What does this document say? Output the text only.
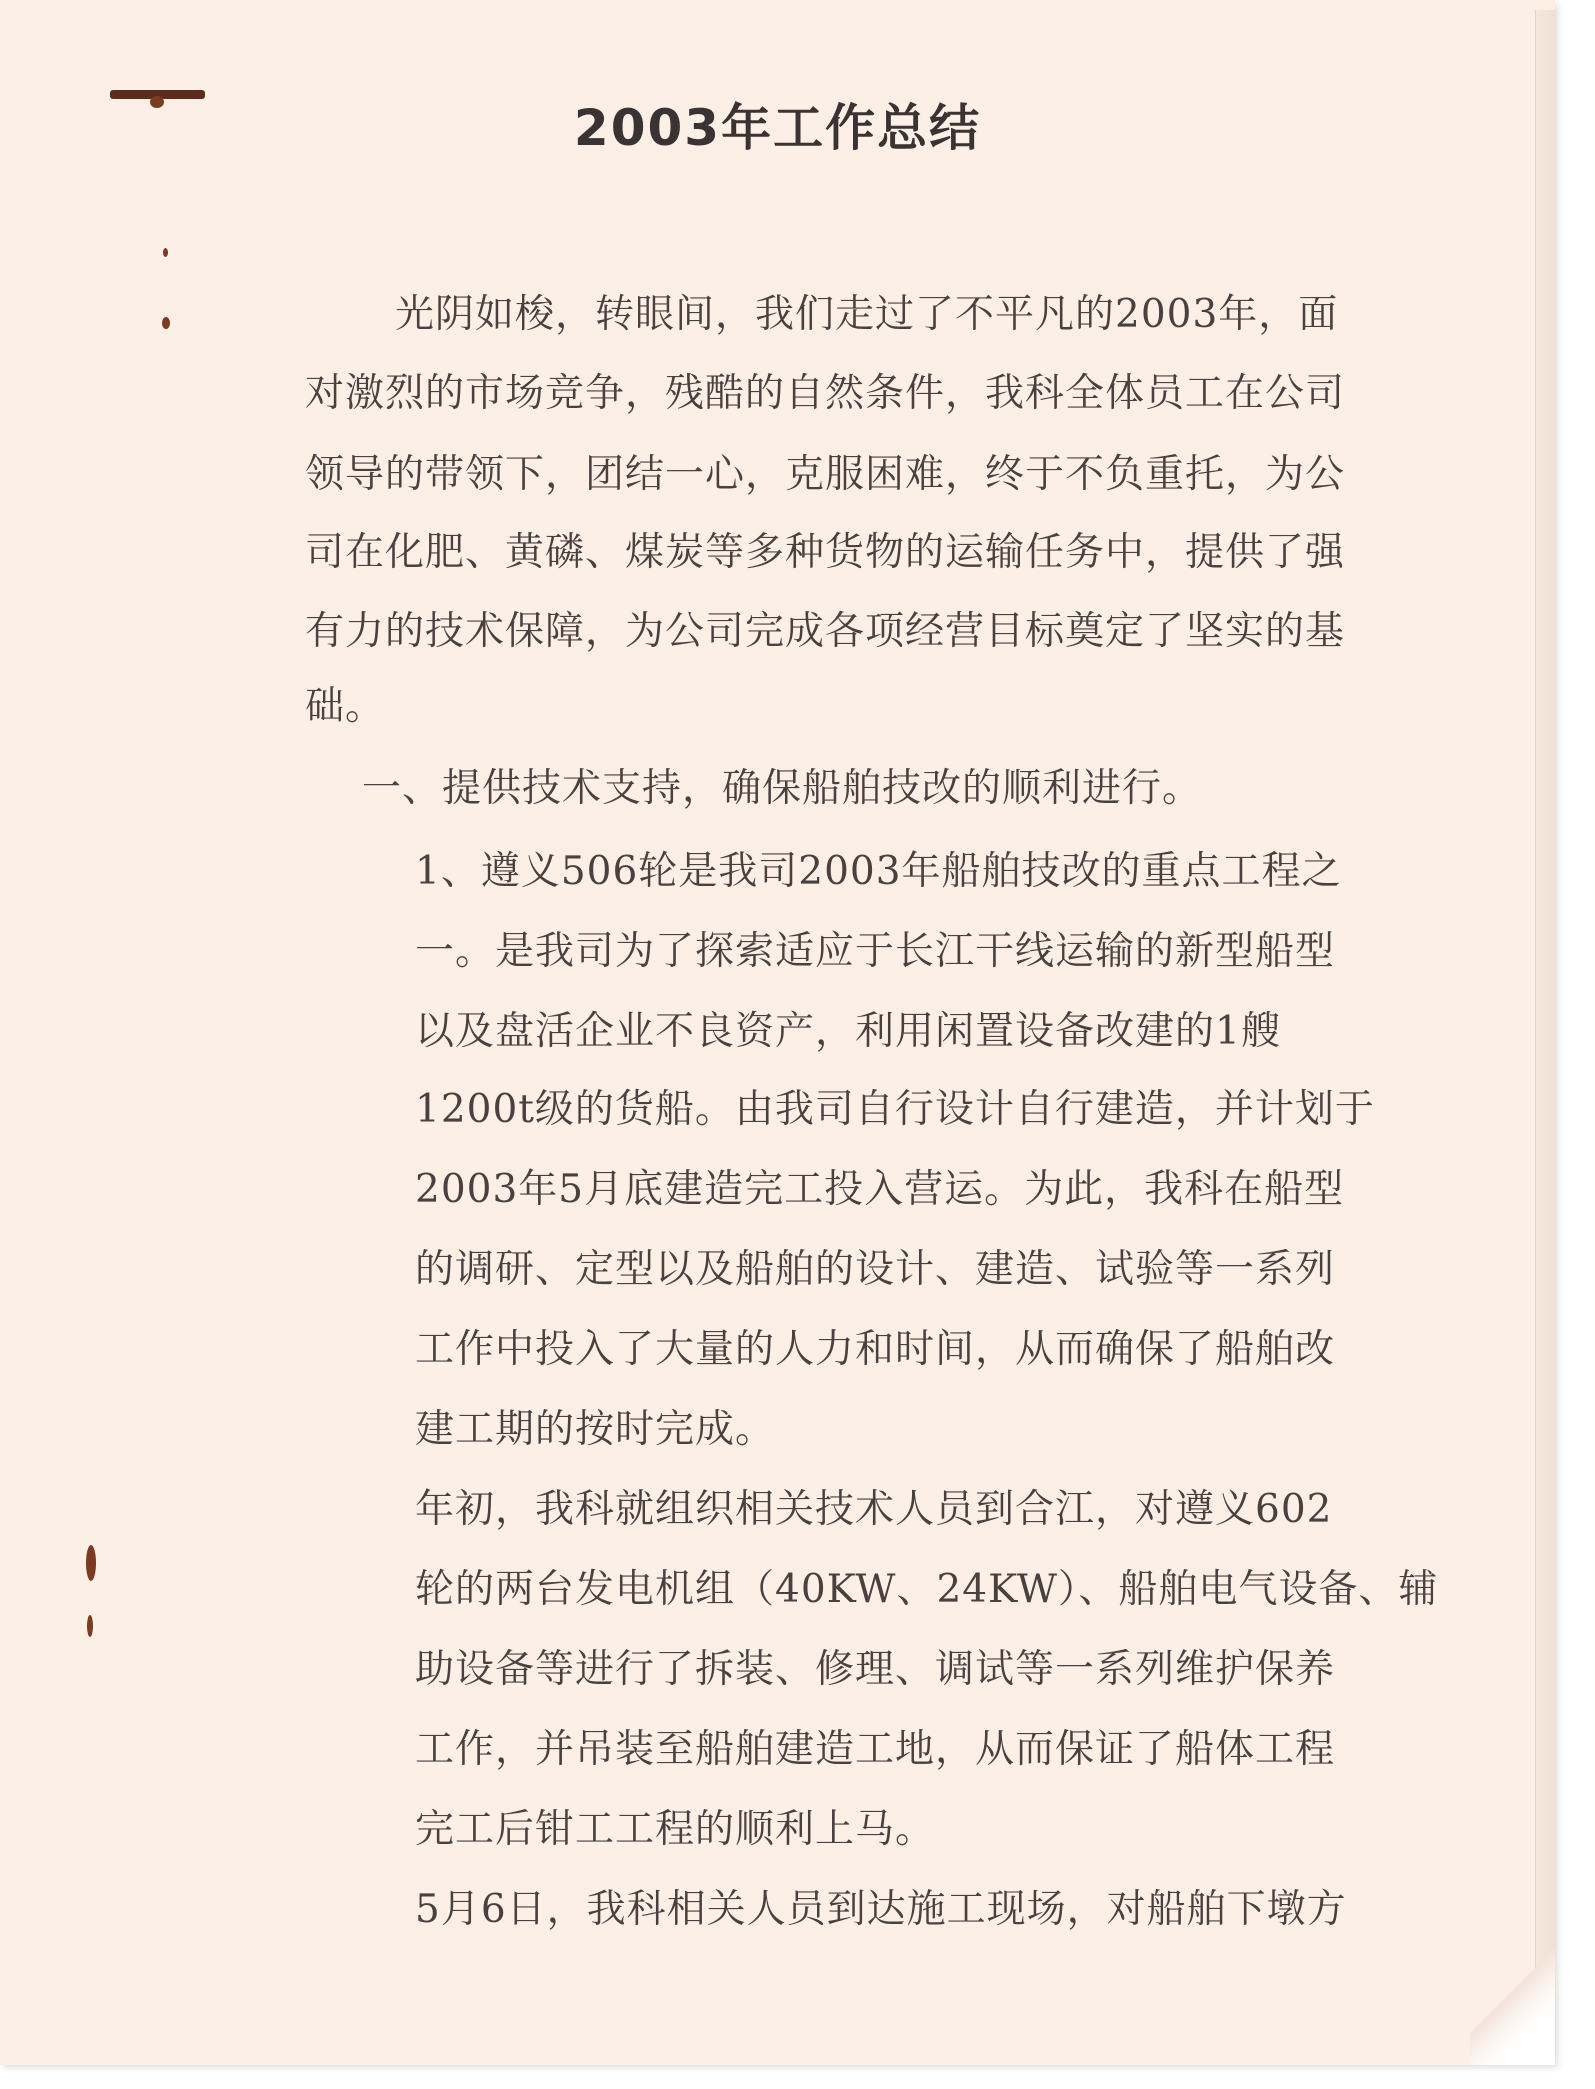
2003年工作总结
光阴如梭，转眼间，我们走过了不平凡的2003年，面
对激烈的市场竞争，残酷的自然条件，我科全体员工在公司
领导的带领下，团结一心，克服困难，终于不负重托，为公
司在化肥、黄磷、煤炭等多种货物的运输任务中，提供了强
有力的技术保障，为公司完成各项经营目标奠定了坚实的基
础。
一、提供技术支持，确保船舶技改的顺利进行。
1、遵义506轮是我司2003年船舶技改的重点工程之
一。是我司为了探索适应于长江干线运输的新型船型
以及盘活企业不良资产，利用闲置设备改建的1艘
1200t级的货船。由我司自行设计自行建造，并计划于
2003年5月底建造完工投入营运。为此，我科在船型
的调研、定型以及船舶的设计、建造、试验等一系列
工作中投入了大量的人力和时间，从而确保了船舶改
建工期的按时完成。
年初，我科就组织相关技术人员到合江，对遵义602
轮的两台发电机组（40KW、24KW）、船舶电气设备、辅
助设备等进行了拆装、修理、调试等一系列维护保养
工作，并吊装至船舶建造工地，从而保证了船体工程
完工后钳工工程的顺利上马。
5月6日，我科相关人员到达施工现场，对船舶下墩方
